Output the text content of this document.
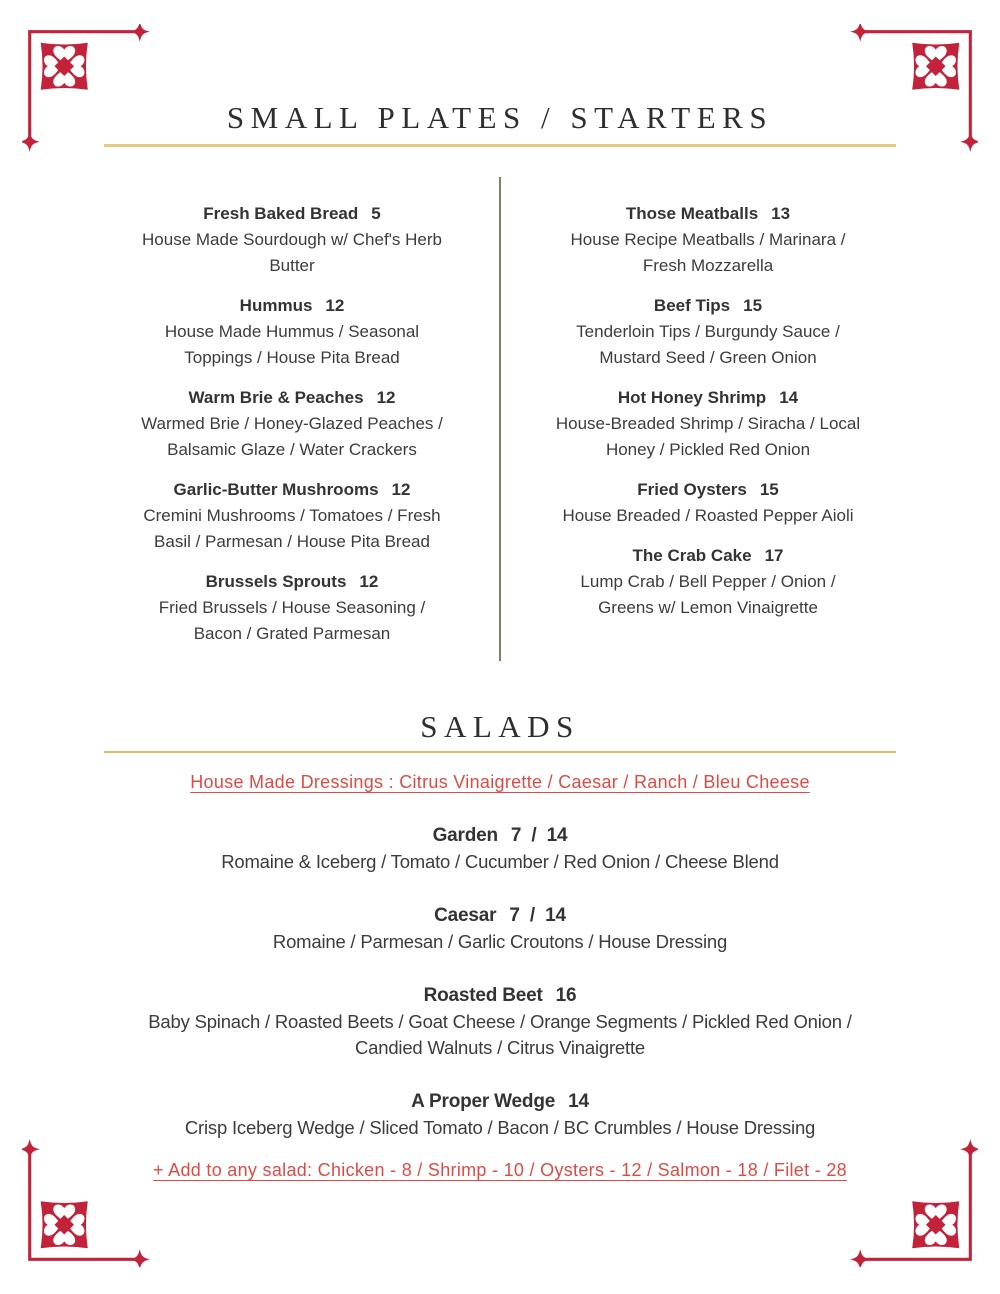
SMALL PLATES / STARTERS
Fresh Baked Bread 5
House Made Sourdough w/ Chef's Herb
Butter
Hummus 12
House Made Hummus / Seasonal
Toppings / House Pita Bread
Warm Brie & Peaches 12
Warmed Brie / Honey-Glazed Peaches /
Balsamic Glaze / Water Crackers
Garlic-Butter Mushrooms 12
Cremini Mushrooms / Tomatoes / Fresh
Basil / Parmesan / House Pita Bread
Brussels Sprouts 12
Fried Brussels / House Seasoning /
Bacon / Grated Parmesan
Those Meatballs 13
House Recipe Meatballs / Marinara /
Fresh Mozzarella
Beef Tips 15
Tenderloin Tips / Burgundy Sauce /
Mustard Seed / Green Onion
Hot Honey Shrimp 14
House-Breaded Shrimp / Siracha / Local
Honey / Pickled Red Onion
Fried Oysters 15
House Breaded / Roasted Pepper Aioli
The Crab Cake 17
Lump Crab / Bell Pepper / Onion /
Greens w/ Lemon Vinaigrette
SALADS
House Made Dressings : Citrus Vinaigrette / Caesar / Ranch / Bleu Cheese
Garden 7  /  14
Romaine & Iceberg / Tomato / Cucumber / Red Onion / Cheese Blend
Caesar 7  /  14
Romaine / Parmesan / Garlic Croutons / House Dressing
Roasted Beet 16
Baby Spinach / Roasted Beets / Goat Cheese / Orange Segments / Pickled Red Onion /
Candied Walnuts / Citrus Vinaigrette
A Proper Wedge 14
Crisp Iceberg Wedge / Sliced Tomato / Bacon / BC Crumbles / House Dressing
+ Add to any salad: Chicken - 8 / Shrimp - 10 / Oysters - 12 / Salmon - 18 / Filet - 28
